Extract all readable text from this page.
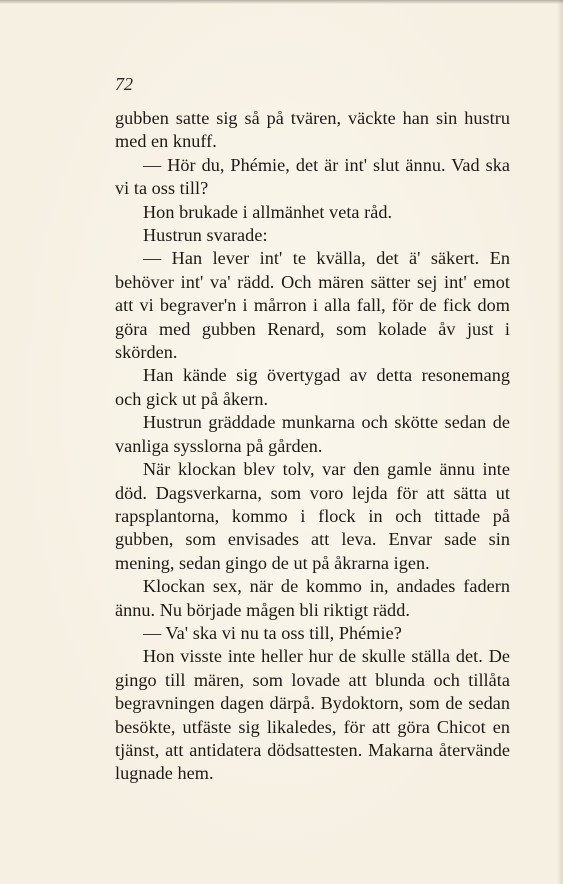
72

gubben satte sig så på tvären, väckte han sin hustru med en knuff.

— Hör du, Phémie, det är int' slut ännu. Vad ska vi ta oss till?

Hon brukade i allmänhet veta råd.

Hustrun svarade:

— Han lever int' te kvälla, det ä' säkert. En behöver int' va' rädd. Och mären sätter sej int' emot att vi begraver'n i mårron i alla fall, för de fick dom göra med gubben Renard, som kolade åv just i skörden.

Han kände sig övertygad av detta resonemang och gick ut på åkern.

Hustrun gräddade munkarna och skötte sedan de vanliga sysslorna på gården.

När klockan blev tolv, var den gamle ännu inte död. Dagsverkarna, som voro lejda för att sätta ut rapsplantorna, kommo i flock in och tittade på gubben, som envisades att leva. Envar sade sin mening, sedan gingo de ut på åkrarna igen.

Klockan sex, när de kommo in, andades fadern ännu. Nu började mågen bli riktigt rädd.

— Va' ska vi nu ta oss till, Phémie?

Hon visste inte heller hur de skulle ställa det. De gingo till mären, som lovade att blunda och tillåta begravningen dagen därpå. Bydoktorn, som de sedan besökte, utfäste sig likaledes, för att göra Chicot en tjänst, att antidatera dödsattesten. Makarna återvände lugnade hem.
